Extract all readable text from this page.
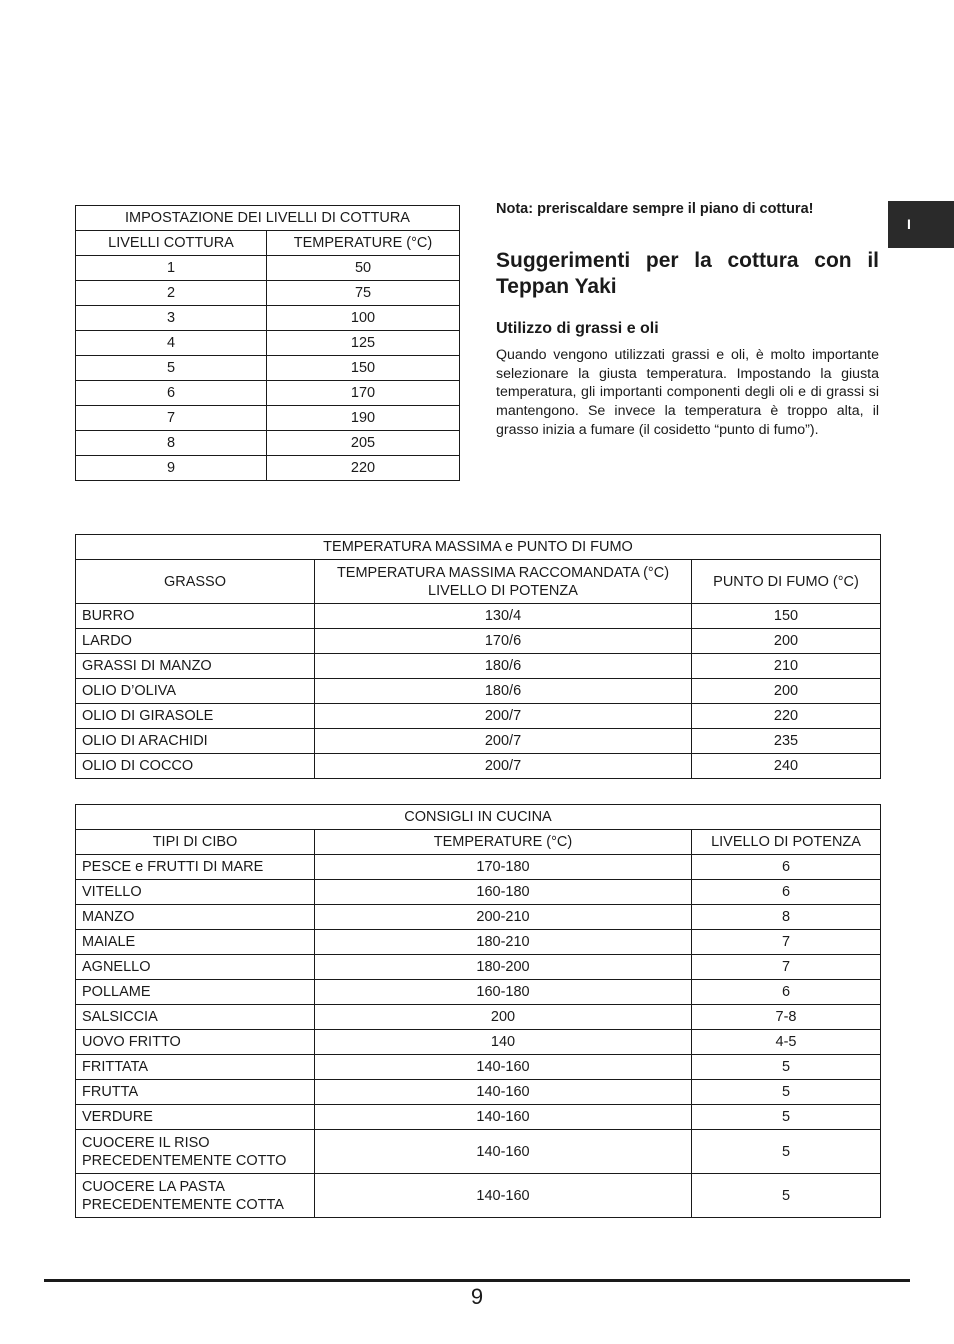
I
IMPOSTAZIONE DEI LIVELLI DI COTTURA	
LIVELLI COTTURA	TEMPERATURE (°C)
1	50
2	75
3	100
4	125
5	150
6	170
7	190
8	205
9	220
Nota: preriscaldare sempre il piano di cottura!
Suggerimenti per la cottura con il Teppan Yaki
Utilizzo di grassi e oli
Quando vengono utilizzati grassi e oli, è molto importante selezionare la giusta temperatura. Impostando la giusta temperatura, gli importanti componenti degli oli e di grassi si mantengono. Se invece la temperatura è troppo alta, il grasso inizia a fumare (il cosidetto “punto di fumo”).
TEMPERATURA MASSIMA e PUNTO DI FUMO		
GRASSO	TEMPERATURA MASSIMA RACCOMANDATA (°C) LIVELLO DI POTENZA	PUNTO DI FUMO (°C)
BURRO	130/4	150
LARDO	170/6	200
GRASSI DI MANZO	180/6	210
OLIO D’OLIVA	180/6	200
OLIO DI GIRASOLE	200/7	220
OLIO DI ARACHIDI	200/7	235
OLIO DI COCCO	200/7	240
CONSIGLI IN CUCINA		
TIPI DI CIBO	TEMPERATURE (°C)	LIVELLO DI POTENZA
PESCE e FRUTTI DI MARE	170-180	6
VITELLO	160-180	6
MANZO	200-210	8
MAIALE	180-210	7
AGNELLO	180-200	7
POLLAME	160-180	6
SALSICCIA	200	7-8
UOVO FRITTO	140	4-5
FRITTATA	140-160	5
FRUTTA	140-160	5
VERDURE	140-160	5
CUOCERE IL RISO PRECEDENTEMENTE COTTO	140-160	5
CUOCERE LA PASTA PRECEDENTEMENTE COTTA	140-160	5
9
